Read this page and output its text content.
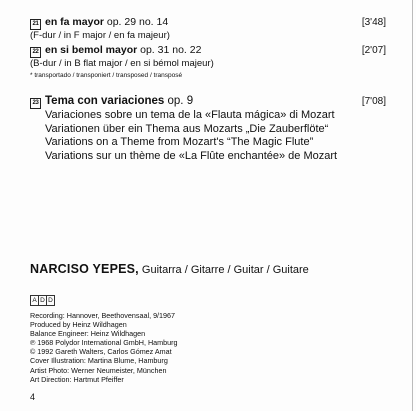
21 en fa mayor op. 29 no. 14	[3'48]
(F-dur / in F major / en fa majeur)
22 en si bemol mayor op. 31 no. 22	[2'07]
(B-dur / in B flat major / en si bémol majeur)
* transportado / transponiert / transposed / transposé
23 Tema con variaciones op. 9	[7'08]
Variaciones sobre un tema de la «Flauta mágica» di Mozart
Variationen über ein Thema aus Mozarts „Die Zauberflöte“
Variations on a Theme from Mozart's “The Magic Flute”
Variations sur un thème de «La Flûte enchantée» de Mozart
NARCISO YEPES, Guitarra / Gitarre / Guitar / Guitare
A D D
Recording: Hannover, Beethovensaal, 9/1967
Produced by Heinz Wildhagen
Balance Engineer: Heinz Wildhagen
℗ 1968 Polydor International GmbH, Hamburg
© 1992 Gareth Walters, Carlos Gómez Amat
Cover Illustration: Martina Blume, Hamburg
Artist Photo: Werner Neumeister, München
Art Direction: Hartmut Pfeiffer
4
